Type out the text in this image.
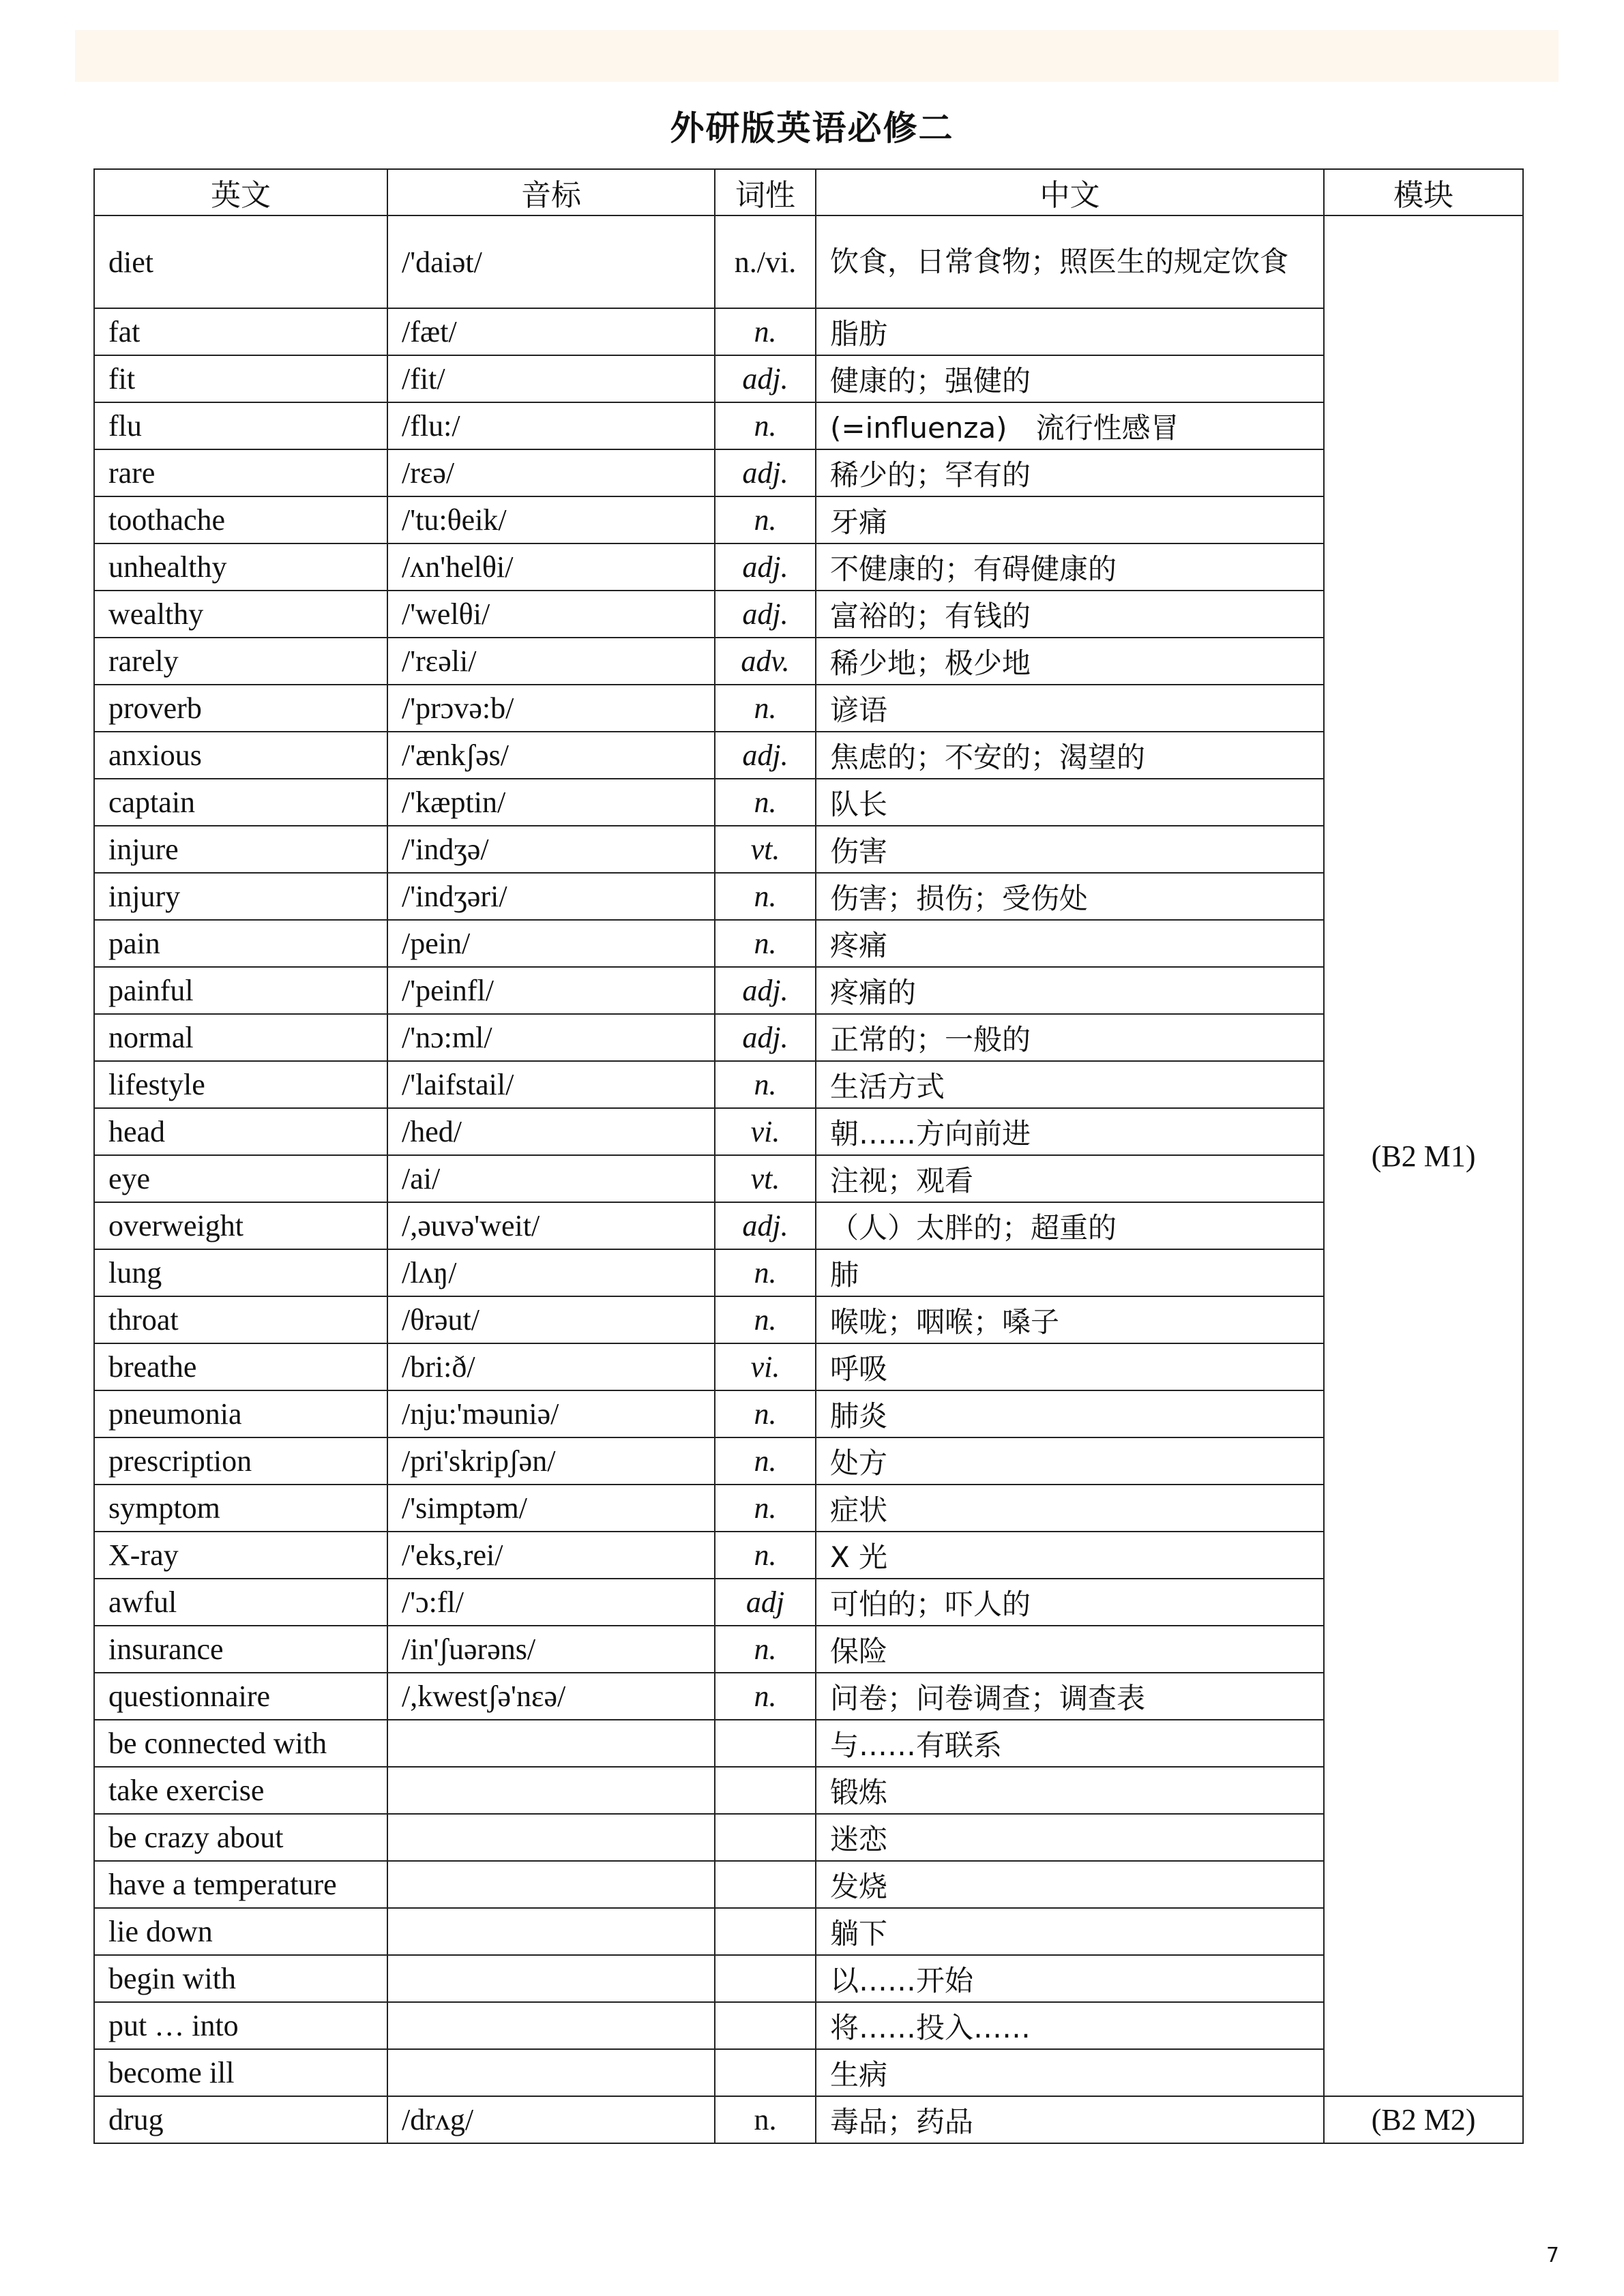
外研版英语必修二
英文	音标	词性	中文	模块
diet	/'daiət/	n./vi.	饮食，日常食物；照医生的规定饮食	(B2 M1)
fat	/fæt/	n.	脂肪	
fit	/fit/	adj.	健康的；强健的	
flu	/flu:/	n.	(=influenza)　流行性感冒	
rare	/rεə/	adj.	稀少的；罕有的	
toothache	/'tu:θeik/	n.	牙痛	
unhealthy	/ʌn'helθi/	adj.	不健康的；有碍健康的	
wealthy	/'welθi/	adj.	富裕的；有钱的	
rarely	/'rεəli/	adv.	稀少地；极少地	
proverb	/'prɔvə:b/	n.	谚语	
anxious	/'ænkʃəs/	adj.	焦虑的；不安的；渴望的	
captain	/'kæptin/	n.	队长	
injure	/'indʒə/	vt.	伤害	
injury	/'indʒəri/	n.	伤害；损伤；受伤处	
pain	/pein/	n.	疼痛	
painful	/'peinfl/	adj.	疼痛的	
normal	/'nɔ:ml/	adj.	正常的；一般的	
lifestyle	/'laifstail/	n.	生活方式	
head	/hed/	vi.	朝……方向前进	
eye	/ai/	vt.	注视；观看	
overweight	/,əuvə'weit/	adj.	（人）太胖的；超重的	
lung	/lʌŋ/	n.	肺	
throat	/θrəut/	n.	喉咙；咽喉；嗓子	
breathe	/bri:ð/	vi.	呼吸	
pneumonia	/nju:'məuniə/	n.	肺炎	
prescription	/pri'skripʃən/	n.	处方	
symptom	/'simptəm/	n.	症状	
X-ray	/'eks,rei/	n.	X 光	
awful	/'ɔ:fl/	adj	可怕的；吓人的	
insurance	/in'ʃuərəns/	n.	保险	
questionnaire	/,kwestʃə'nεə/	n.	问卷；问卷调查；调查表	
be connected with			与……有联系	
take exercise			锻炼	
be crazy about			迷恋	
have a temperature			发烧	
lie down			躺下	
begin with			以……开始	
put … into			将……投入……	
become ill			生病	
drug	/drʌg/	n.	毒品；药品	(B2 M2)
7
